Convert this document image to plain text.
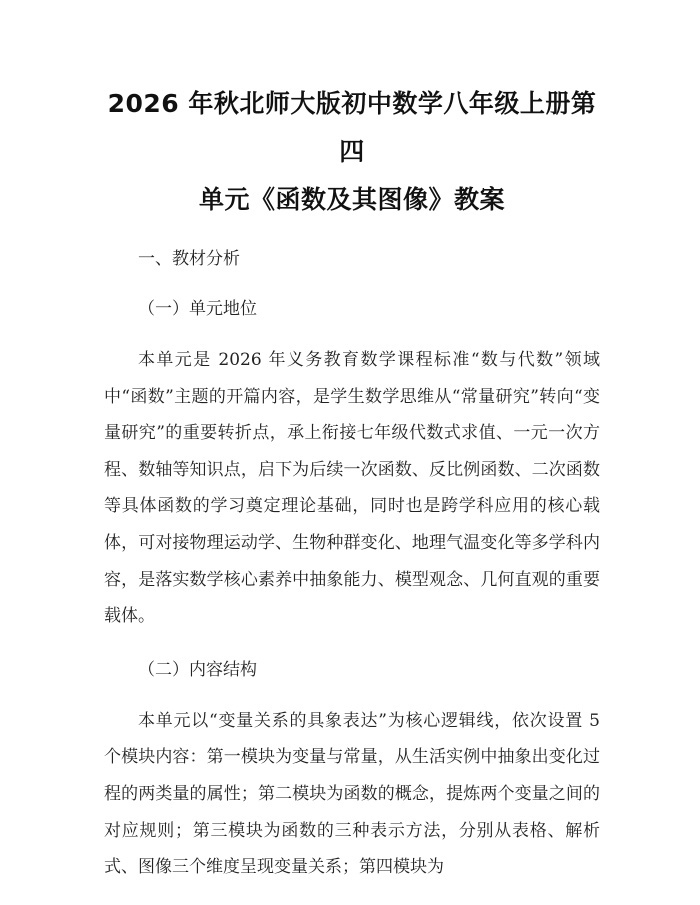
2026 年秋北师大版初中数学八年级上册第四
单元《函数及其图像》教案

一、教材分析

（一）单元地位

本单元是 2026 年义务教育数学课程标准“数与代数”领域中“函数”主题的开篇内容，是学生数学思维从“常量研究”转向“变量研究”的重要转折点，承上衔接七年级代数式求值、一元一次方程、数轴等知识点，启下为后续一次函数、反比例函数、二次函数等具体函数的学习奠定理论基础，同时也是跨学科应用的核心载体，可对接物理运动学、生物种群变化、地理气温变化等多学科内容，是落实数学核心素养中抽象能力、模型观念、几何直观的重要载体。

（二）内容结构

本单元以“变量关系的具象表达”为核心逻辑线，依次设置 5 个模块内容：第一模块为变量与常量，从生活实例中抽象出变化过程的两类量的属性；第二模块为函数的概念，提炼两个变量之间的对应规则；第三模块为函数的三种表示方法，分别从表格、解析式、图像三个维度呈现变量关系；第四模块为
